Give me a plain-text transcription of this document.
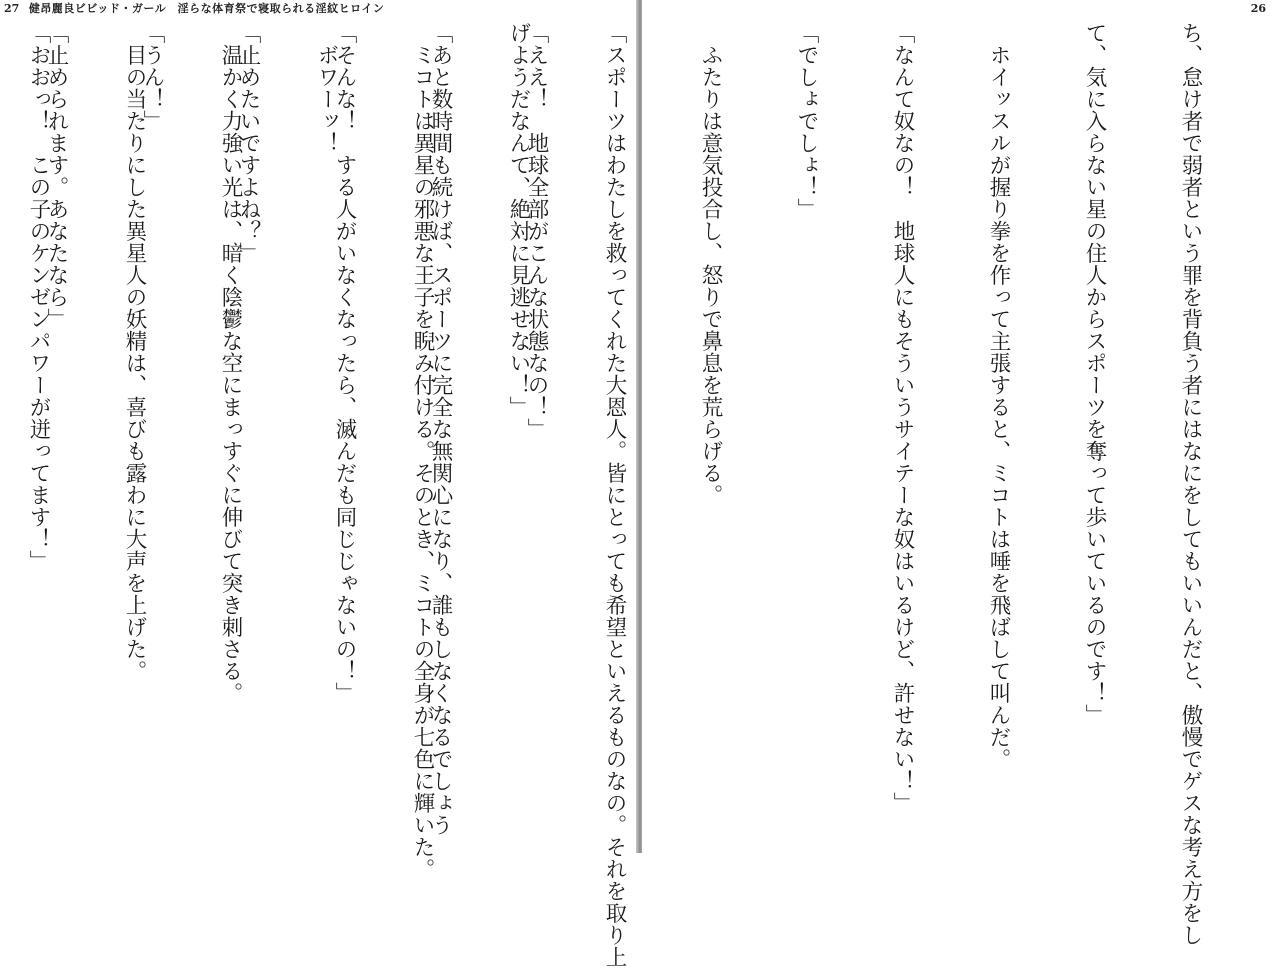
27 健昂麗良ビビッド・ガール　淫らな体育祭で寝取られる淫紋ヒロイン	26

「ええ！　地球全部がこんな状態なの！」

「あと数時間も続けば、スポーツに完全な無関心になり、誰もしなくなるでしょう

「そんな！　する人がいなくなったら、滅んだも同じじゃないの！」

「止めたいですよね？」

「うん！」

「止められます。あなたなら」

	ち、怠け者で弱者という罪を背負う者にはなにをしてもいいんだと、傲慢でゲスな考え方をし

て、気に入らない星の住人からスポーツを奪って歩いているのです！」

　ホイッスルが握り拳を作って主張すると、ミコトは唾を飛ばして叫んだ。

「なんて奴なの！　地球人にもそういうサイテーな奴はいるけど、許せない！」

「でしょでしょ！」

　ふたりは意気投合し、怒りで鼻息を荒らげる。

「スポーツはわたしを救ってくれた大恩人。皆にとっても希望といえるものなの。それを取り上

げようだなんて、絶対に見逃せない！」

　ミコトは異星の邪悪な王子を睨み付ける。そのとき、ミコトの全身が七色に輝いた。

　ボワーッ！

　温かく力強い光は、暗く陰鬱な空にまっすぐに伸びて突き刺さる。

　目の当たりにした異星人の妖精は、喜びも露わに大声を上げた。

「おおっ！　この子のケンゼンパワーが迸ってます！」
